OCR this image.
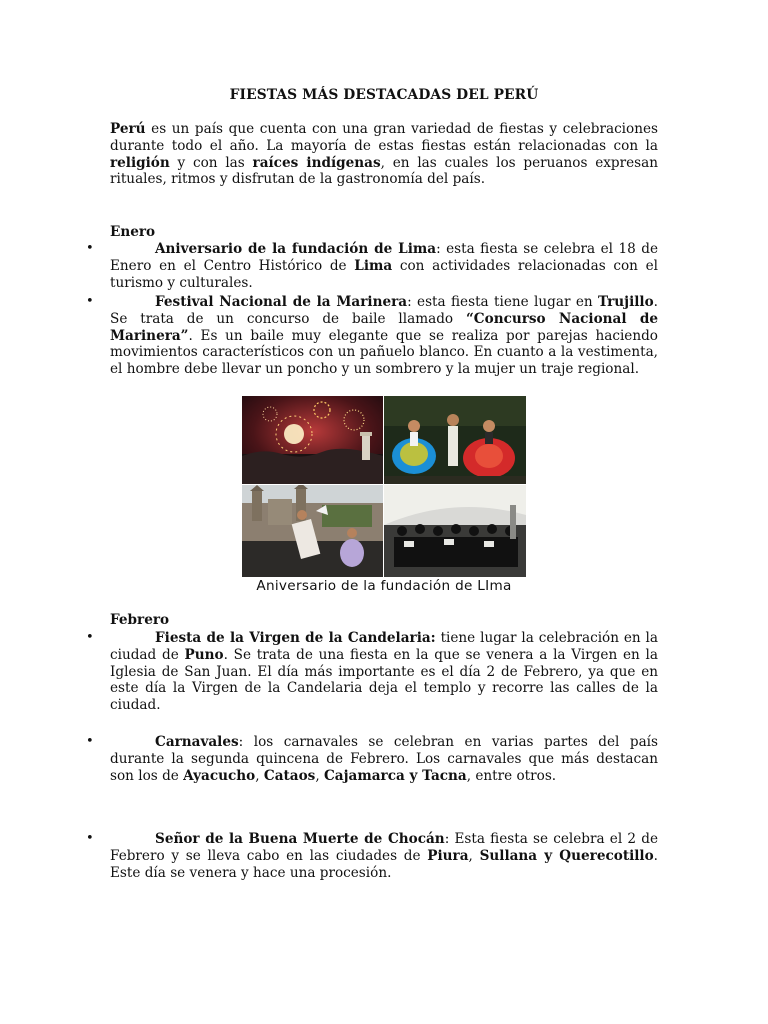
FIESTAS MÁS DESTACADAS DEL PERÚ
Perú es un país que cuenta con una gran variedad de fiestas y celebraciones durante todo el año. La mayoría de estas fiestas están relacionadas con la religión y con las raíces indígenas, en las cuales los peruanos expresan rituales, ritmos y disfrutan de la gastronomía del país.
Enero
•	Aniversario de la fundación de Lima: esta fiesta se celebra el 18 de Enero en el Centro Histórico de Lima con actividades relacionadas con el turismo y culturales.
•	Festival Nacional de la Marinera: esta fiesta tiene lugar en Trujillo. Se trata de un concurso de baile llamado “Concurso Nacional de Marinera”. Es un baile muy elegante que se realiza por parejas haciendo movimientos característicos con un pañuelo blanco. En cuanto a la vestimenta, el hombre debe llevar un poncho y un sombrero y la mujer un traje regional.
Aniversario de la fundación de LIma
Febrero
•	Fiesta de la Virgen de la Candelaria: tiene lugar la celebración en la ciudad de Puno. Se trata de una fiesta en la que se venera a la Virgen en la Iglesia de San Juan. El día más importante es el día 2 de Febrero, ya que en este día la Virgen de la Candelaria deja el templo y recorre las calles de la ciudad.
•	Carnavales: los carnavales se celebran en varias partes del país durante la segunda quincena de Febrero. Los carnavales que más destacan son los de Ayacucho, Cataos, Cajamarca y Tacna, entre otros.
•	Señor de la Buena Muerte de Chocán: Esta fiesta se celebra el 2 de Febrero y se lleva cabo en las ciudades de Piura, Sullana y Querecotillo. Este día se venera y hace una procesión.
